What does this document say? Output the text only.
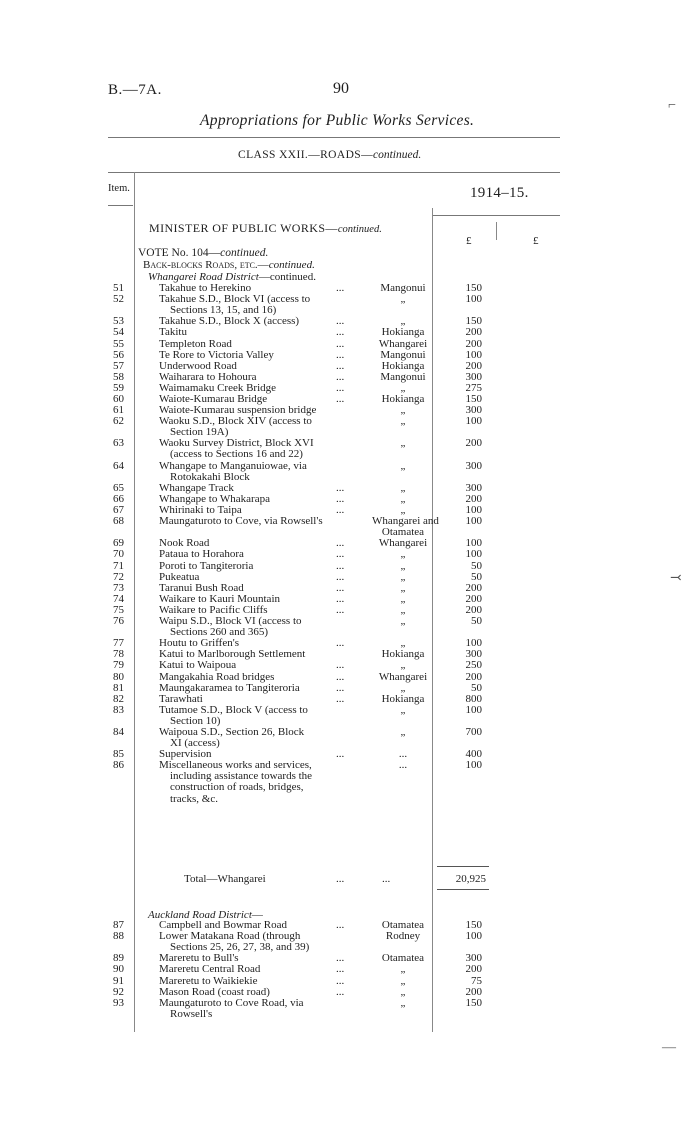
B.—7A.	90
Appropriations for Public Works Services.
CLASS XXII.—ROADS—continued.
Item.	1914–15.
MINISTER OF PUBLIC WORKS—continued.
£	£
VOTE No. 104—continued.
Back-blocks Roads, etc.—continued.
Whangarei Road District—continued.
51	Takahue to Herekino	...	Mangonui	150
52	Takahue S.D., Block VI (access to	„	100
Sections 13, 15, and 16)
53	Takahue S.D., Block X (access)	...	„	150
54	Takitu	...	Hokianga	200
55	Templeton Road	...	Whangarei	200
56	Te Rore to Victoria Valley	...	Mangonui	100
57	Underwood Road	...	Hokianga	200
58	Waiharara to Hohoura	...	Mangonui	300
59	Waimamaku Creek Bridge	...	„	275
60	Waiote-Kumarau Bridge	...	Hokianga	150
61	Waiote-Kumarau suspension bridge	„	300
62	Waoku S.D., Block XIV (access to	„	100
Section 19A)
63	Waoku Survey District, Block XVI	„	200
(access to Sections 16 and 22)
64	Whangape to Manganuiowae, via	„	300
Rotokakahi Block
65	Whangape Track	...	„	300
66	Whangape to Whakarapa	...	„	200
67	Whirinaki to Taipa	...	„	100
68	Maungaturoto to Cove, via Rowsell's	Whangarei and	100
Otamatea
69	Nook Road	...	Whangarei	100
70	Pataua to Horahora	...	„	100
71	Poroti to Tangiteroria	...	„	50
72	Pukeatua	...	„	50
73	Taranui Bush Road	...	„	200
74	Waikare to Kauri Mountain	...	„	200
75	Waikare to Pacific Cliffs	...	„	200
76	Waipu S.D., Block VI (access to	„	50
Sections 260 and 365)
77	Houtu to Griffen's	...	„	100
78	Katui to Marlborough Settlement	Hokianga	300
79	Katui to Waipoua	...	„	250
80	Mangakahia Road bridges	...	Whangarei	200
81	Maungakaramea to Tangiteroria	...	„	50
82	Tarawhati	...	Hokianga	800
83	Tutamoe S.D., Block V (access to	„	100
Section 10)
84	Waipoua S.D., Section 26, Block	„	700
XI (access)
85	Supervision	...	...	400
86	Miscellaneous works and services,	...	100
including assistance towards the
construction of roads, bridges,
tracks, &c.
Total—Whangarei	...	...	20,925
Auckland Road District—
87	Campbell and Bowmar Road	...	Otamatea	150
88	Lower Matakana Road (through	Rodney	100
Sections 25, 26, 27, 38, and 39)
89	Mareretu to Bull's	...	Otamatea	300
90	Mareretu Central Road	...	„	200
91	Mareretu to Waikiekie	...	„	75
92	Mason Road (coast road)	...	„	200
93	Maungaturoto to Cove Road, via	„	150
Rowsell's
⌐
⤙
—
